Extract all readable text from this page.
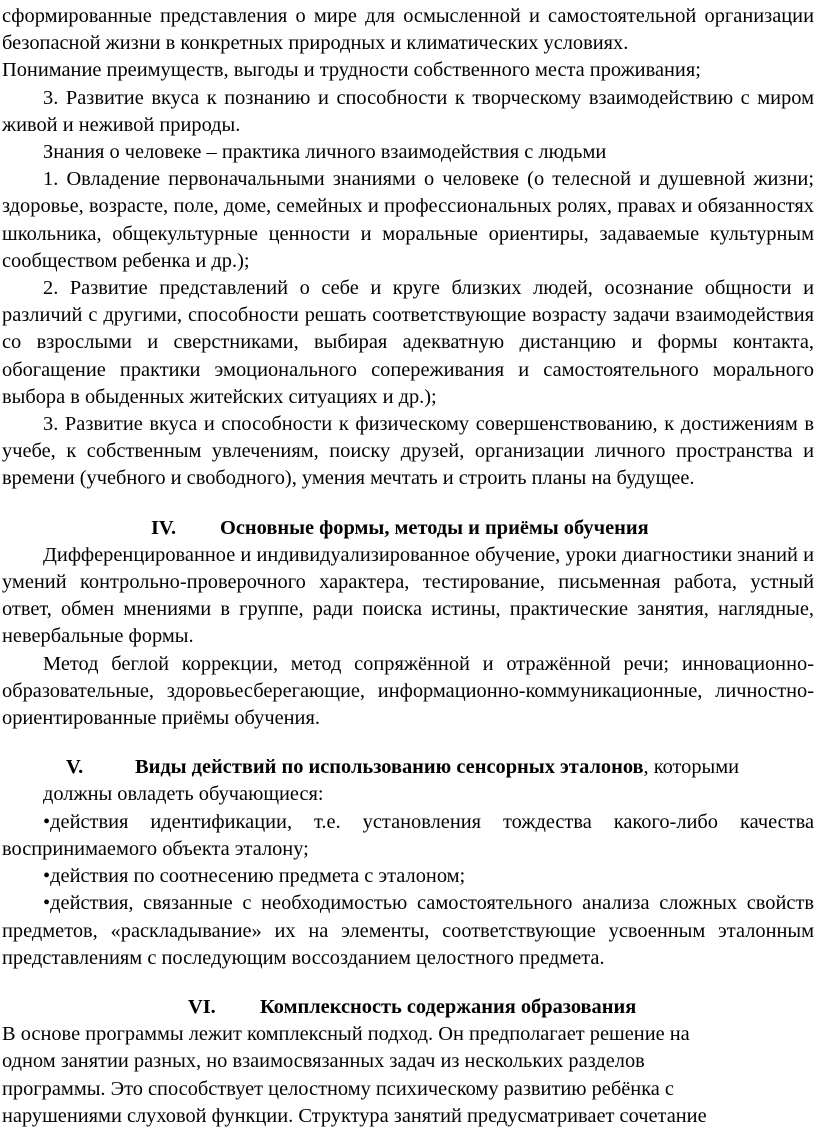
сформированные представления о мире для осмысленной и самостоятельной организации безопасной жизни в конкретных природных и климатических условиях.

Понимание преимуществ, выгоды и трудности собственного места проживания;

3. Развитие вкуса к познанию и способности к творческому взаимодействию с миром живой и неживой природы.

Знания о человеке – практика личного взаимодействия с людьми

1. Овладение первоначальными знаниями о человеке (о телесной и душевной жизни; здоровье, возрасте, поле, доме, семейных и профессиональных ролях, правах и обязанностях школьника, общекультурные ценности и моральные ориентиры, задаваемые культурным сообществом ребенка и др.);

2. Развитие представлений о себе и круге близких людей, осознание общности и различий с другими, способности решать соответствующие возрасту задачи взаимодействия со взрослыми и сверстниками, выбирая адекватную дистанцию и формы контакта, обогащение практики эмоционального сопереживания и самостоятельного морального выбора в обыденных житейских ситуациях и др.);

3. Развитие вкуса и способности к физическому совершенствованию, к достижениям в учебе, к собственным увлечениям, поиску друзей, организации личного пространства и времени (учебного и свободного), умения мечтать и строить планы на будущее.

IV. Основные формы, методы и приёмы обучения

Дифференцированное и индивидуализированное обучение, уроки диагностики знаний и умений контрольно-проверочного характера, тестирование, письменная работа, устный ответ, обмен мнениями в группе, ради поиска истины, практические занятия, наглядные, невербальные формы.

Метод беглой коррекции, метод сопряжённой и отражённой речи; инновационно-образовательные, здоровьесберегающие, информационно-коммуникационные, личностно-ориентированные приёмы обучения.

V.	Виды действий по использованию сенсорных эталонов, которыми

должны овладеть обучающиеся:

•действия идентификации, т.е. установления тождества какого-либо качества воспринимаемого объекта эталону;

•действия по соотнесению предмета с эталоном;

•действия, связанные с необходимостью самостоятельного анализа сложных свойств предметов, «раскладывание» их на элементы, соответствующие усвоенным эталонным представлениям с последующим воссозданием целостного предмета.

VI. Комплексность содержания образования

В основе программы лежит комплексный подход. Он предполагает решение на
одном занятии разных, но взаимосвязанных задач из нескольких разделов
программы. Это способствует целостному психическому развитию ребёнка с
нарушениями слуховой функции. Структура занятий предусматривает сочетание
